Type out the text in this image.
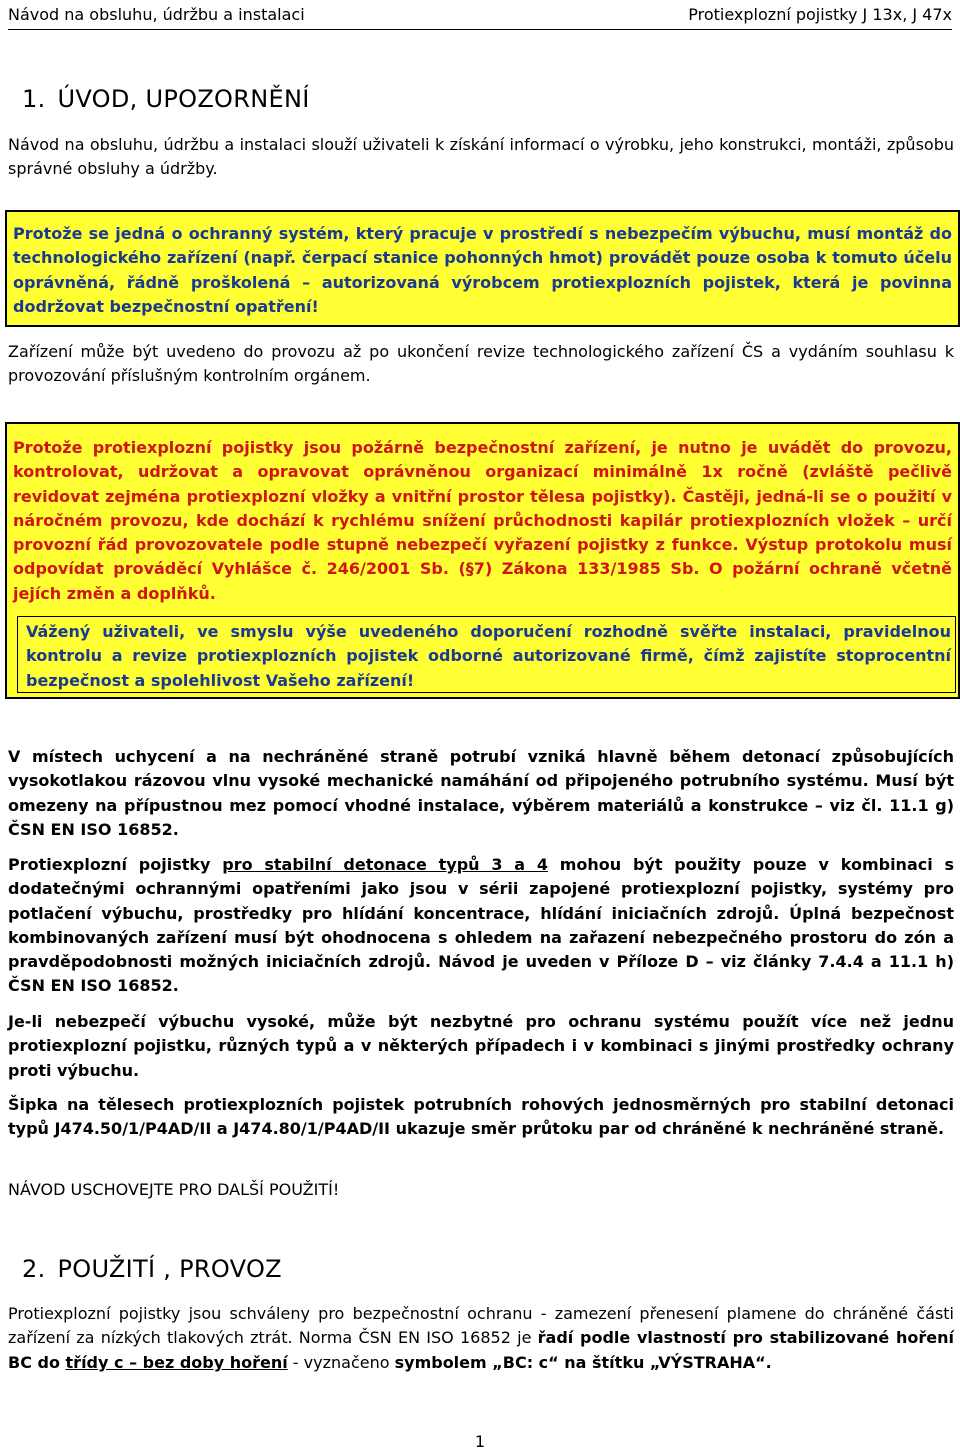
Návod na obsluhu, údržbu a instalaci	Protiexplozní pojistky J 13x, J 47x
1. ÚVOD, UPOZORNĚNÍ
Návod na obsluhu, údržbu a instalaci slouží uživateli k získání informací o výrobku, jeho konstrukci, montáži, způsobu správné obsluhy a údržby.

Protože se jedná o ochranný systém, který pracuje v prostředí s nebezpečím výbuchu, musí montáž do technologického zařízení (např. čerpací stanice pohonných hmot) provádět pouze osoba k tomuto účelu oprávněná, řádně proškolená – autorizovaná výrobcem protiexplozních pojistek, která je povinna dodržovat bezpečnostní opatření!

Zařízení může být uvedeno do provozu až po ukončení revize technologického zařízení ČS a vydáním souhlasu k provozování příslušným kontrolním orgánem.

Protože protiexplozní pojistky jsou požárně bezpečnostní zařízení, je nutno je uvádět do provozu, kontrolovat, udržovat a opravovat oprávněnou organizací minimálně 1x ročně (zvláště pečlivě revidovat zejména protiexplozní vložky a vnitřní prostor tělesa pojistky). Častěji, jedná-li se o použití v náročném provozu, kde dochází k rychlému snížení průchodnosti kapilár protiexplozních vložek – určí provozní řád provozovatele podle stupně nebezpečí vyřazení pojistky z funkce. Výstup protokolu musí odpovídat prováděcí Vyhlášce č. 246/2001 Sb. (§7) Zákona 133/1985 Sb. O požární ochraně včetně jejích změn a doplňků.

Vážený uživateli, ve smyslu výše uvedeného doporučení rozhodně svěřte instalaci, pravidelnou kontrolu a revize protiexplozních pojistek odborné autorizované firmě, čímž zajistíte stoprocentní bezpečnost a spolehlivost Vašeho zařízení!

V místech uchycení a na nechráněné straně potrubí vzniká hlavně během detonací způsobujících vysokotlakou rázovou vlnu vysoké mechanické namáhání od připojeného potrubního systému. Musí být omezeny na přípustnou mez pomocí vhodné instalace, výběrem materiálů a konstrukce – viz čl. 11.1 g) ČSN EN ISO 16852.
Protiexplozní pojistky pro stabilní detonace typů 3 a 4 mohou být použity pouze v kombinaci s dodatečnými ochrannými opatřeními jako jsou v sérii zapojené protiexplozní pojistky, systémy pro potlačení výbuchu, prostředky pro hlídání koncentrace, hlídání iniciačních zdrojů. Úplná bezpečnost kombinovaných zařízení musí být ohodnocena s ohledem na zařazení nebezpečného prostoru do zón a pravděpodobnosti možných iniciačních zdrojů. Návod je uveden v Příloze D – viz články 7.4.4 a 11.1 h) ČSN EN ISO 16852.
Je-li nebezpečí výbuchu vysoké, může být nezbytné pro ochranu systému použít více než jednu protiexplozní pojistku, různých typů a v některých případech i v kombinaci s jinými prostředky ochrany proti výbuchu.
Šipka na tělesech protiexplozních pojistek potrubních rohových jednosměrných pro stabilní detonaci typů J474.50/1/P4AD/II a J474.80/1/P4AD/II ukazuje směr průtoku par od chráněné k nechráněné straně.
NÁVOD USCHOVEJTE PRO DALŠÍ POUŽITÍ!
2. POUŽITÍ , PROVOZ
Protiexplozní pojistky jsou schváleny pro bezpečnostní ochranu - zamezení přenesení plamene do chráněné části zařízení za nízkých tlakových ztrát. Norma ČSN EN ISO 16852 je řadí podle vlastností pro stabilizované hoření BC do třídy c – bez doby hoření - vyznačeno symbolem „BC: c“ na štítku „VÝSTRAHA“.
1
